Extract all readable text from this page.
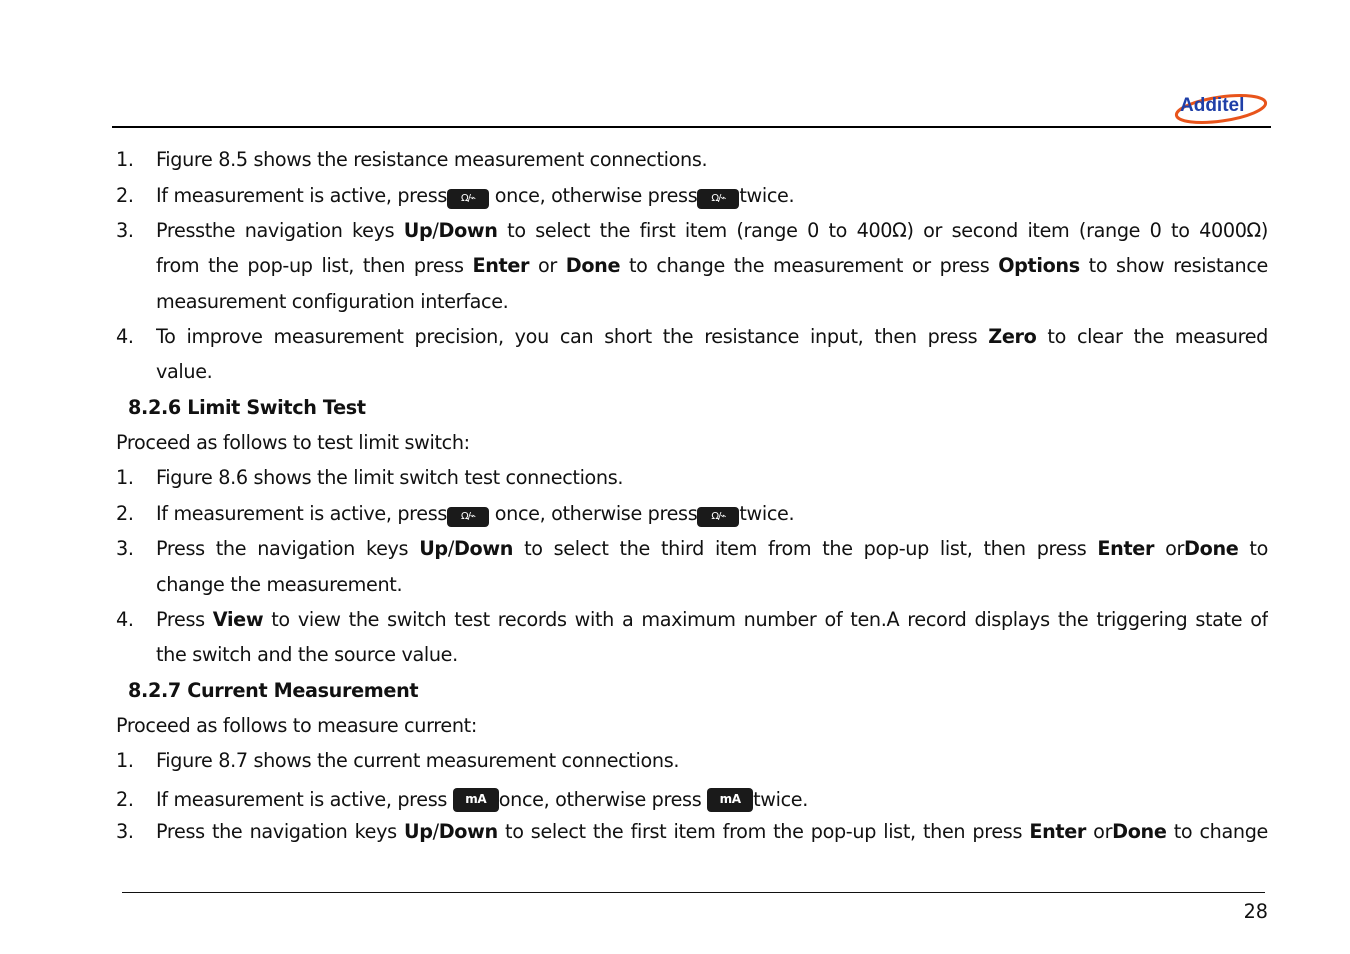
Additel
1. Figure 8.5 shows the resistance measurement connections.
2. If measurement is active, press Ω/⌁ once, otherwise press Ω/⌁ twice.
3.	Pressthe navigation keys Up/Down to select the first item (range 0 to 400Ω) or second item (range 0 to 4000Ω)
from the pop-up list, then press Enter or Done to change the measurement or press Options to show resistance
measurement configuration interface.
4.	To improve measurement precision, you can short the resistance input, then press Zero to clear the measured
value.
8.2.6 Limit Switch Test
Proceed as follows to test limit switch:
1. Figure 8.6 shows the limit switch test connections.
2. If measurement is active, press Ω/⌁ once, otherwise press Ω/⌁ twice.
3.	Press the navigation keys Up/Down to select the third item from the pop-up list, then press Enter orDone to
change the measurement.
4.	Press View to view the switch test records with a maximum number of ten.A record displays the triggering state of
the switch and the source value.
8.2.7 Current Measurement
Proceed as follows to measure current:
1. Figure 8.7 shows the current measurement connections.
2. If measurement is active, press mA once, otherwise press mA twice.
3.	Press the navigation keys Up/Down to select the first item from the pop-up list, then press Enter orDone to change
28
